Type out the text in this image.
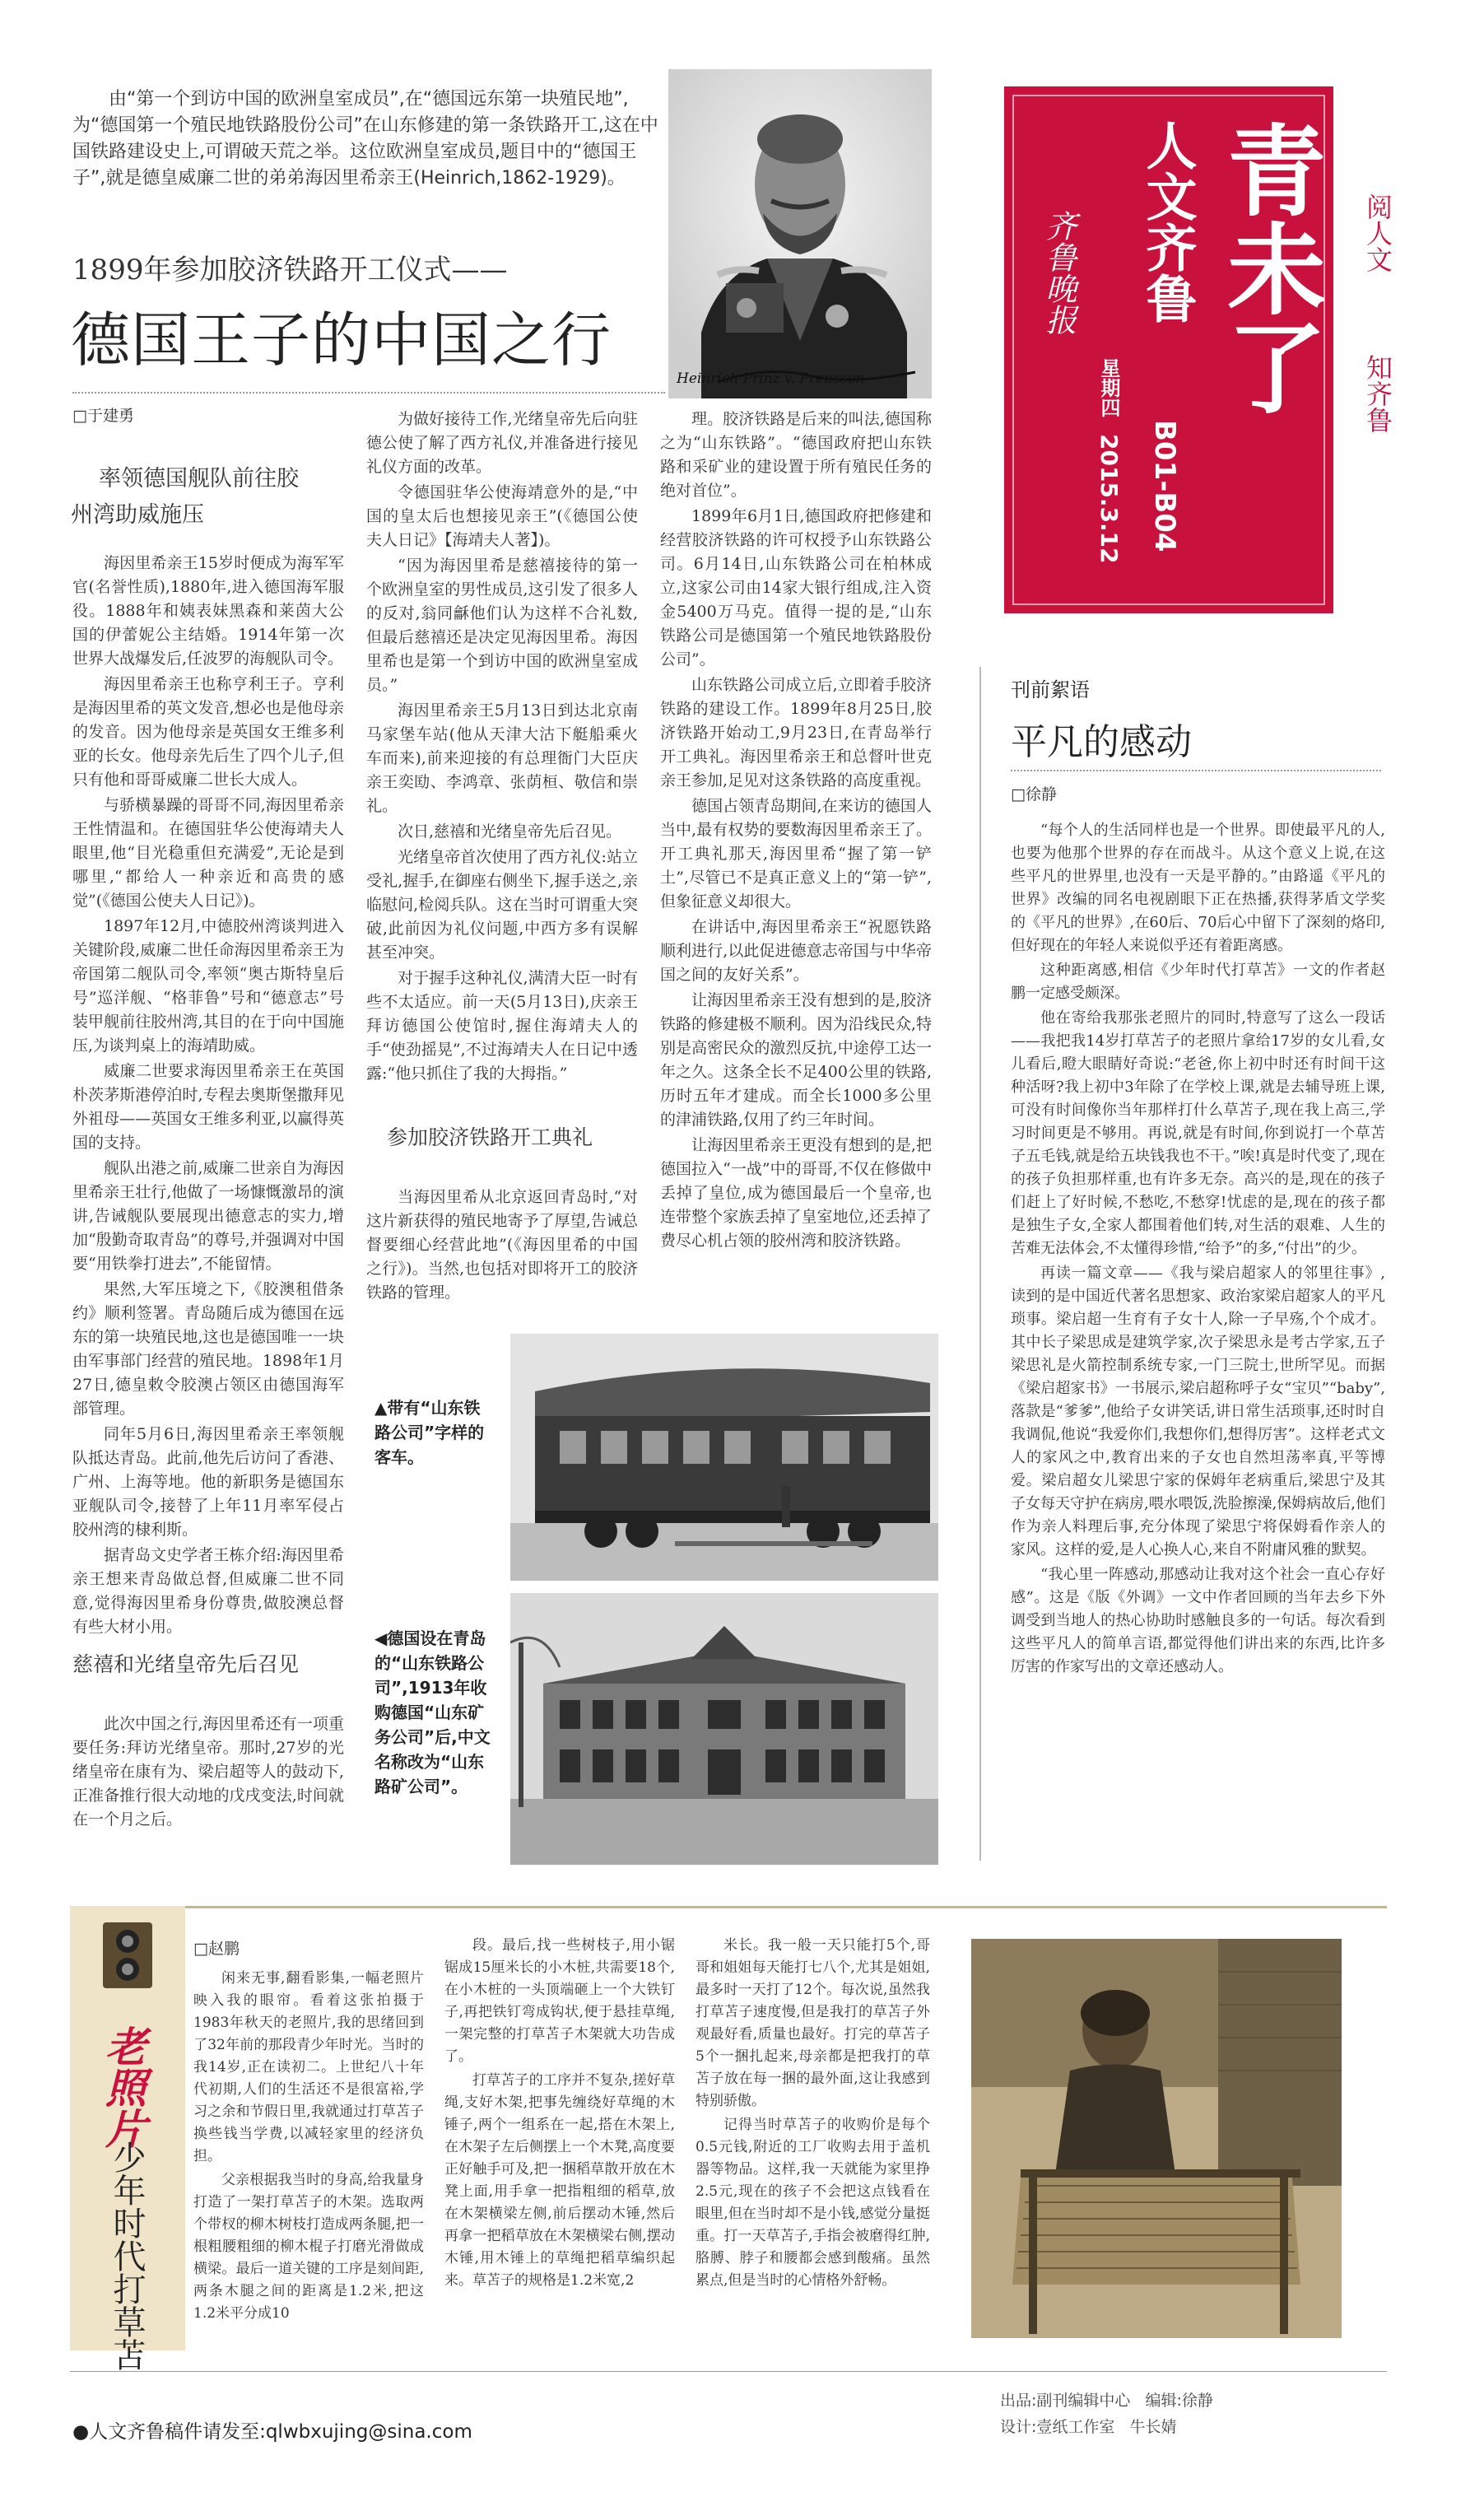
由“第一个到访中国的欧洲皇室成员”,在“德国远东第一块殖民地”,为“德国第一个殖民地铁路股份公司”在山东修建的第一条铁路开工,这在中国铁路建设史上,可谓破天荒之举。这位欧洲皇室成员,题目中的“德国王子”,就是德皇威廉二世的弟弟海因里希亲王(Heinrich,1862-1929)。
Heinrich Prinz v. Preussen
1899年参加胶济铁路开工仪式——
德国王子的中国之行
□于建勇
率领德国舰队前往胶
州湾助威施压

海因里希亲王15岁时便成为海军军官(名誉性质),1880年,进入德国海军服役。1888年和姨表妹黑森和莱茵大公国的伊蕾妮公主结婚。1914年第一次世界大战爆发后,任波罗的海舰队司令。

海因里希亲王也称亨利王子。亨利是海因里希的英文发音,想必也是他母亲的发音。因为他母亲是英国女王维多利亚的长女。他母亲先后生了四个儿子,但只有他和哥哥威廉二世长大成人。

与骄横暴躁的哥哥不同,海因里希亲王性情温和。在德国驻华公使海靖夫人眼里,他“目光稳重但充满爱”,无论是到哪里,“都给人一种亲近和高贵的感觉”(《德国公使夫人日记》)。

1897年12月,中德胶州湾谈判进入关键阶段,威廉二世任命海因里希亲王为帝国第二舰队司令,率领“奥古斯特皇后号”巡洋舰、“格菲鲁”号和“德意志”号装甲舰前往胶州湾,其目的在于向中国施压,为谈判桌上的海靖助威。

威廉二世要求海因里希亲王在英国朴茨茅斯港停泊时,专程去奥斯堡撒拜见外祖母——英国女王维多利亚,以赢得英国的支持。

舰队出港之前,威廉二世亲自为海因里希亲王壮行,他做了一场慷慨激昂的演讲,告诫舰队要展现出德意志的实力,增加“殷勤奇取青岛”的尊号,并强调对中国要“用铁拳打进去”,不能留情。

果然,大军压境之下,《胶澳租借条约》顺利签署。青岛随后成为德国在远东的第一块殖民地,这也是德国唯一一块由军事部门经营的殖民地。1898年1月27日,德皇敕令胶澳占领区由德国海军部管理。

同年5月6日,海因里希亲王率领舰队抵达青岛。此前,他先后访问了香港、广州、上海等地。他的新职务是德国东亚舰队司令,接替了上年11月率军侵占胶州湾的棣利斯。

据青岛文史学者王栋介绍:海因里希亲王想来青岛做总督,但威廉二世不同意,觉得海因里希身份尊贵,做胶澳总督有些大材小用。

慈禧和光绪皇帝先后召见

此次中国之行,海因里希还有一项重要任务:拜访光绪皇帝。那时,27岁的光绪皇帝在康有为、梁启超等人的鼓动下,正准备推行很大动地的戊戌变法,时间就在一个月之后。

为做好接待工作,光绪皇帝先后向驻德公使了解了西方礼仪,并准备进行接见礼仪方面的改革。

令德国驻华公使海靖意外的是,“中国的皇太后也想接见亲王”(《德国公使夫人日记》【海靖夫人著】)。

“因为海因里希是慈禧接待的第一个欧洲皇室的男性成员,这引发了很多人的反对,翁同龢他们认为这样不合礼数,但最后慈禧还是决定见海因里希。海因里希也是第一个到访中国的欧洲皇室成员。”

海因里希亲王5月13日到达北京南马家堡车站(他从天津大沽下艇船乘火车而来),前来迎接的有总理衙门大臣庆亲王奕劻、李鸿章、张荫桓、敬信和崇礼。

次日,慈禧和光绪皇帝先后召见。

光绪皇帝首次使用了西方礼仪:站立受礼,握手,在御座右侧坐下,握手送之,亲临慰问,检阅兵队。这在当时可谓重大突破,此前因为礼仪问题,中西方多有误解甚至冲突。

对于握手这种礼仪,满清大臣一时有些不太适应。前一天(5月13日),庆亲王拜访德国公使馆时,握住海靖夫人的手“使劲摇晃”,不过海靖夫人在日记中透露:“他只抓住了我的大拇指。”

参加胶济铁路开工典礼

当海因里希从北京返回青岛时,“对这片新获得的殖民地寄予了厚望,告诫总督要细心经营此地”(《海因里希的中国之行》)。当然,也包括对即将开工的胶济铁路的管理。

理。胶济铁路是后来的叫法,德国称之为“山东铁路”。“德国政府把山东铁路和采矿业的建设置于所有殖民任务的绝对首位”。

1899年6月1日,德国政府把修建和经营胶济铁路的许可权授予山东铁路公司。6月14日,山东铁路公司在柏林成立,这家公司由14家大银行组成,注入资金5400万马克。值得一提的是,“山东铁路公司是德国第一个殖民地铁路股份公司”。

山东铁路公司成立后,立即着手胶济铁路的建设工作。1899年8月25日,胶济铁路开始动工,9月23日,在青岛举行开工典礼。海因里希亲王和总督叶世克亲王参加,足见对这条铁路的高度重视。

德国占领青岛期间,在来访的德国人当中,最有权势的要数海因里希亲王了。开工典礼那天,海因里希“握了第一铲土”,尽管已不是真正意义上的“第一铲”,但象征意义却很大。

在讲话中,海因里希亲王“祝愿铁路顺利进行,以此促进德意志帝国与中华帝国之间的友好关系”。

让海因里希亲王没有想到的是,胶济铁路的修建极不顺利。因为沿线民众,特别是高密民众的激烈反抗,中途停工达一年之久。这条全长不足400公里的铁路,历时五年才建成。而全长1000多公里的津浦铁路,仅用了约三年时间。

让海因里希亲王更没有想到的是,把德国拉入“一战”中的哥哥,不仅在修做中丢掉了皇位,成为德国最后一个皇帝,也连带整个家族丢掉了皇室地位,还丢掉了费尽心机占领的胶州湾和胶济铁路。

▲带有“山东铁路公司”字样的客车。
◀德国设在青岛的“山东铁路公司”,1913年收购德国“山东矿务公司”后,中文名称改为“山东路矿公司”。
青未了
人文齐鲁
星期四 2015.3.12
齐鲁晚报
B01-B04
阅人文
知齐鲁
刊前絮语
平凡的感动
□徐静

“每个人的生活同样也是一个世界。即使最平凡的人,也要为他那个世界的存在而战斗。从这个意义上说,在这些平凡的世界里,也没有一天是平静的。”由路遥《平凡的世界》改编的同名电视剧眼下正在热播,获得茅盾文学奖的《平凡的世界》,在60后、70后心中留下了深刻的烙印,但好现在的年轻人来说似乎还有着距离感。

这种距离感,相信《少年时代打草苫》一文的作者赵鹏一定感受颇深。

他在寄给我那张老照片的同时,特意写了这么一段话——我把我14岁打草苫子的老照片拿给17岁的女儿看,女儿看后,瞪大眼睛好奇说:“老爸,你上初中时还有时间干这种活呀?我上初中3年除了在学校上课,就是去辅导班上课,可没有时间像你当年那样打什么草苫子,现在我上高三,学习时间更是不够用。再说,就是有时间,你到说打一个草苫子五毛钱,就是给五块钱我也不干。”唉!真是时代变了,现在的孩子负担那样重,也有许多无奈。高兴的是,现在的孩子们赶上了好时候,不愁吃,不愁穿!忧虑的是,现在的孩子都是独生子女,全家人都围着他们转,对生活的艰难、人生的苦难无法体会,不太懂得珍惜,“给予”的多,“付出”的少。

再读一篇文章——《我与梁启超家人的邻里往事》,读到的是中国近代著名思想家、政治家梁启超家人的平凡琐事。梁启超一生育有子女十人,除一子早殇,个个成才。其中长子梁思成是建筑学家,次子梁思永是考古学家,五子梁思礼是火箭控制系统专家,一门三院士,世所罕见。而据《梁启超家书》一书展示,梁启超称呼子女“宝贝”“baby”,落款是“爹爹”,他给子女讲笑话,讲日常生活琐事,还时时自我调侃,他说“我爱你们,我想你们,想得厉害”。这样老式文人的家风之中,教育出来的子女也自然坦荡率真,平等博爱。梁启超女儿梁思宁家的保姆年老病重后,梁思宁及其子女每天守护在病房,喂水喂饭,洗脸擦澡,保姆病故后,他们作为亲人料理后事,充分体现了梁思宁将保姆看作亲人的家风。这样的爱,是人心换人心,来自不附庸风雅的默契。

“我心里一阵感动,那感动让我对这个社会一直心存好感”。这是《版《外调》一文中作者回顾的当年去乡下外调受到当地人的热心协助时感触良多的一句话。每次看到这些平凡人的简单言语,都觉得他们讲出来的东西,比许多厉害的作家写出的文章还感动人。

老照片
少年时代打草苫
□赵鹏

闲来无事,翻看影集,一幅老照片映入我的眼帘。看着这张拍摄于1983年秋天的老照片,我的思绪回到了32年前的那段青少年时光。当时的我14岁,正在读初二。上世纪八十年代初期,人们的生活还不是很富裕,学习之余和节假日里,我就通过打草苫子换些钱当学费,以减轻家里的经济负担。

父亲根据我当时的身高,给我量身打造了一架打草苫子的木架。选取两个带杈的柳木树枝打造成两条腿,把一根粗腰粗细的柳木棍子打磨光滑做成横梁。最后一道关键的工序是刻间距,两条木腿之间的距离是1.2米,把这1.2米平分成10

段。最后,找一些树枝子,用小锯锯成15厘米长的小木桩,共需要18个,在小木桩的一头顶端砸上一个大铁钉子,再把铁钉弯成钩状,便于悬挂草绳,一架完整的打草苫子木架就大功告成了。

打草苫子的工序并不复杂,搓好草绳,支好木架,把事先缠绕好草绳的木锤子,两个一组系在一起,搭在木架上,在木架子左后侧摆上一个木凳,高度要正好触手可及,把一捆稻草散开放在木凳上面,用手拿一把指粗细的稻草,放在木架横梁左侧,前后摆动木锤,然后再拿一把稻草放在木架横梁右侧,摆动木锤,用木锤上的草绳把稻草编织起来。草苫子的规格是1.2米宽,2

米长。我一般一天只能打5个,哥哥和姐姐每天能打七八个,尤其是姐姐,最多时一天打了12个。每次说,虽然我打草苫子速度慢,但是我打的草苫子外观最好看,质量也最好。打完的草苫子5个一捆扎起来,母亲都是把我打的草苫子放在每一捆的最外面,这让我感到特别骄傲。

记得当时草苫子的收购价是每个0.5元钱,附近的工厂收购去用于盖机器等物品。这样,我一天就能为家里挣2.5元,现在的孩子不会把这点钱看在眼里,但在当时却不是小钱,感觉分量挺重。打一天草苫子,手指会被磨得红肿,胳膊、脖子和腰都会感到酸痛。虽然累点,但是当时的心情格外舒畅。

●人文齐鲁稿件请发至:qlwbxujing@sina.com
出品:副刊编辑中心 编辑:徐静
设计:壹纸工作室 牛长婧
